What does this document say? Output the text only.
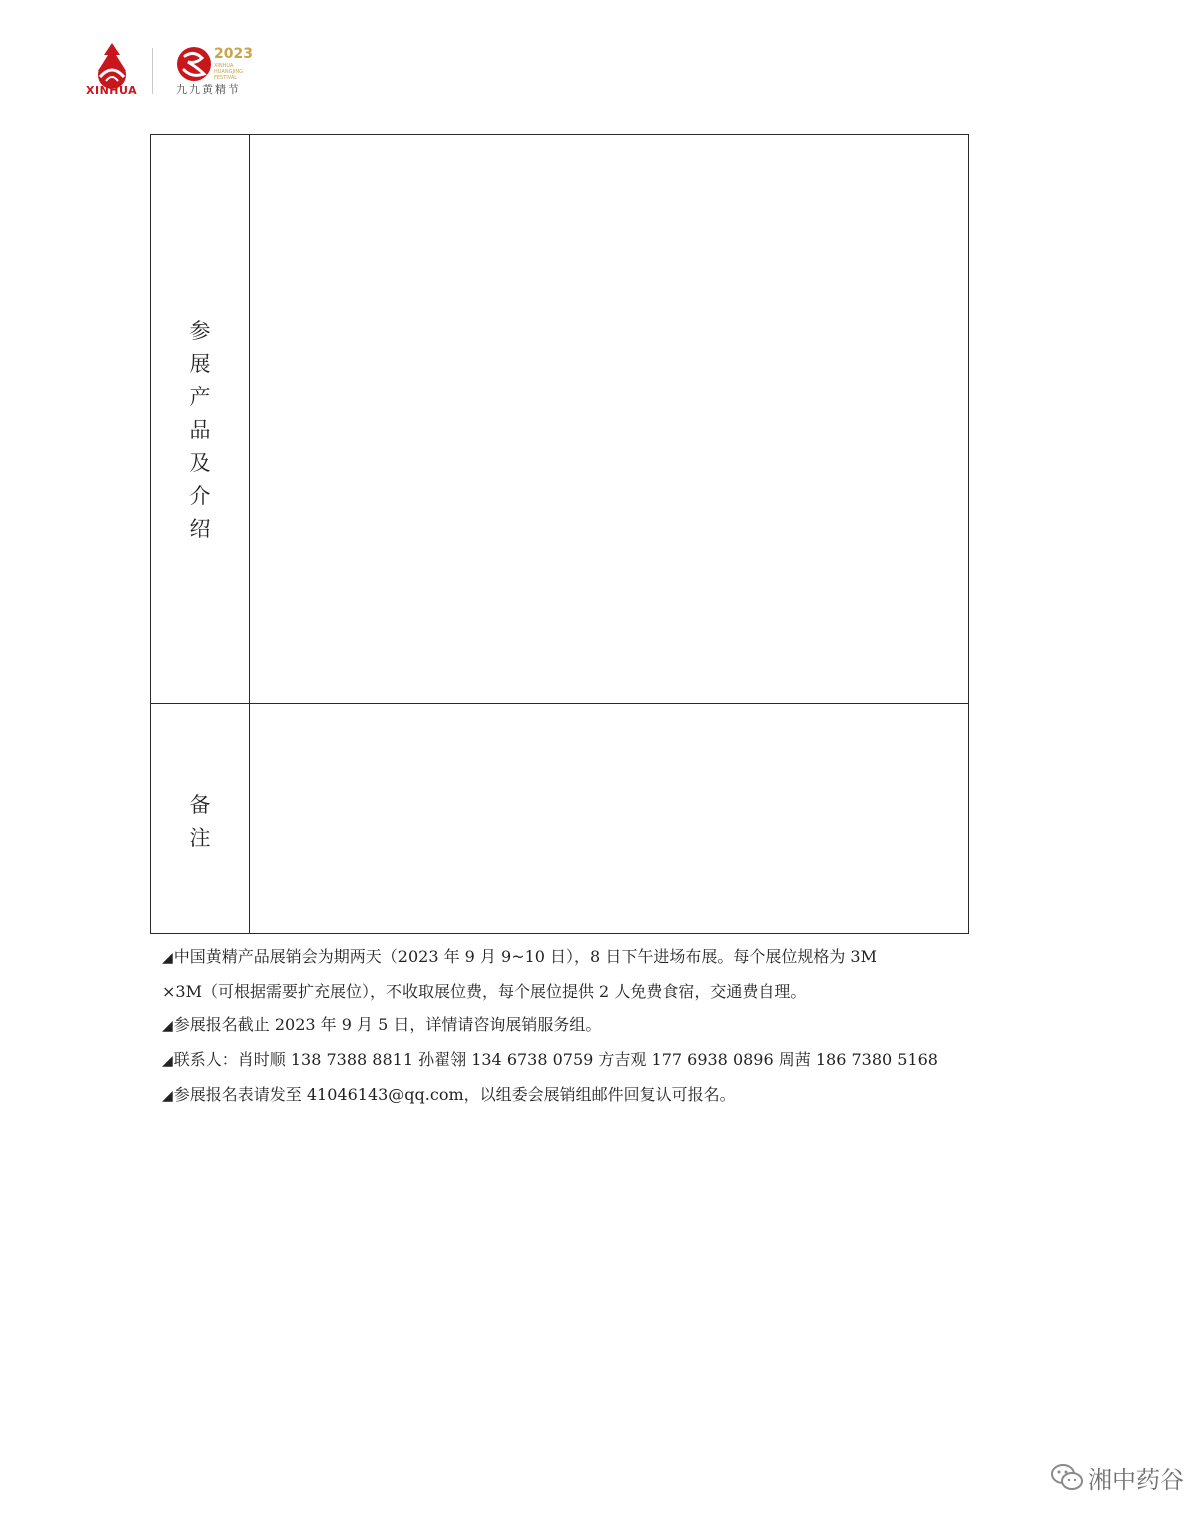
XINHUA
2023
XINHUA HUANGJING FESTIVAL
九九黄精节
参
展
产
品
及
介
绍
备
注
◢中国黄精产品展销会为期两天（2023 年 9 月 9~10 日），8 日下午进场布展。每个展位规格为 3M
×3M（可根据需要扩充展位），不收取展位费，每个展位提供 2 人免费食宿，交通费自理。
◢参展报名截止 2023 年 9 月 5 日，详情请咨询展销服务组。
◢联系人：肖时顺 138 7388 8811 孙翟翎 134 6738 0759 方吉观 177 6938 0896 周茜 186 7380 5168
◢参展报名表请发至 41046143@qq.com，以组委会展销组邮件回复认可报名。
湘中药谷
